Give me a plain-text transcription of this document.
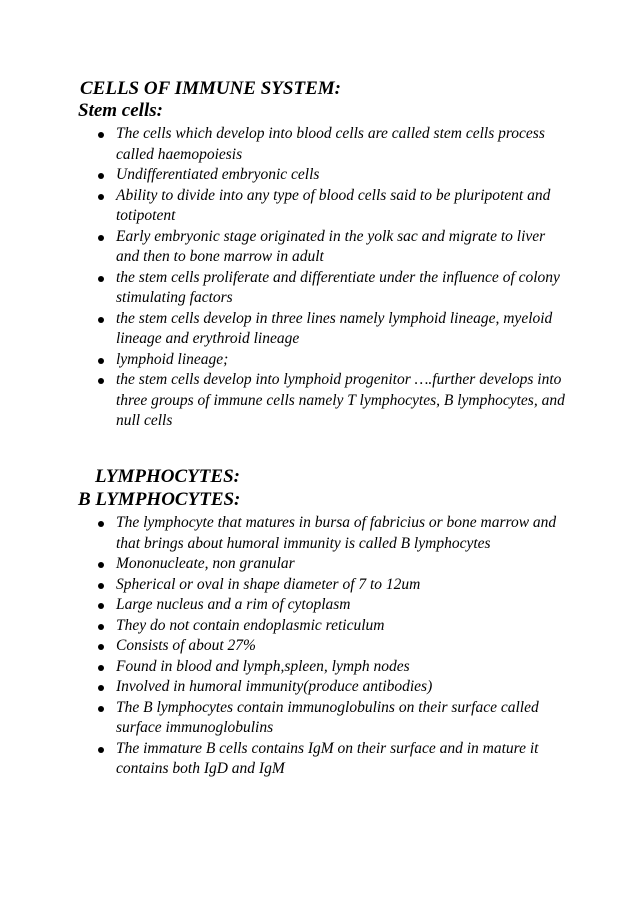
CELLS OF IMMUNE SYSTEM:
Stem cells:
The cells which develop into blood cells are called stem cells process called haemopoiesis
Undifferentiated embryonic cells
Ability to divide into any type of blood cells said to be pluripotent and totipotent
Early embryonic stage originated in the yolk sac and migrate to liver and then to bone marrow in adult
the stem cells proliferate and differentiate under the influence of colony stimulating factors
the stem cells develop in three lines namely lymphoid lineage, myeloid lineage and erythroid lineage
lymphoid lineage;
the stem cells develop into lymphoid progenitor ….further develops into three groups of immune cells namely T lymphocytes, B lymphocytes, and null cells
LYMPHOCYTES:
B LYMPHOCYTES:
The lymphocyte that matures in bursa of fabricius or bone marrow and that brings about humoral immunity is called B lymphocytes
Mononucleate, non granular
Spherical or oval in shape diameter of 7 to 12um
Large nucleus and a rim of cytoplasm
They do not contain endoplasmic reticulum
Consists of about 27%
Found in blood and lymph,spleen, lymph nodes
Involved in humoral immunity(produce antibodies)
The B lymphocytes contain immunoglobulins on their surface called surface immunoglobulins
The immature B cells contains IgM on their surface and in mature it contains both IgD and IgM
